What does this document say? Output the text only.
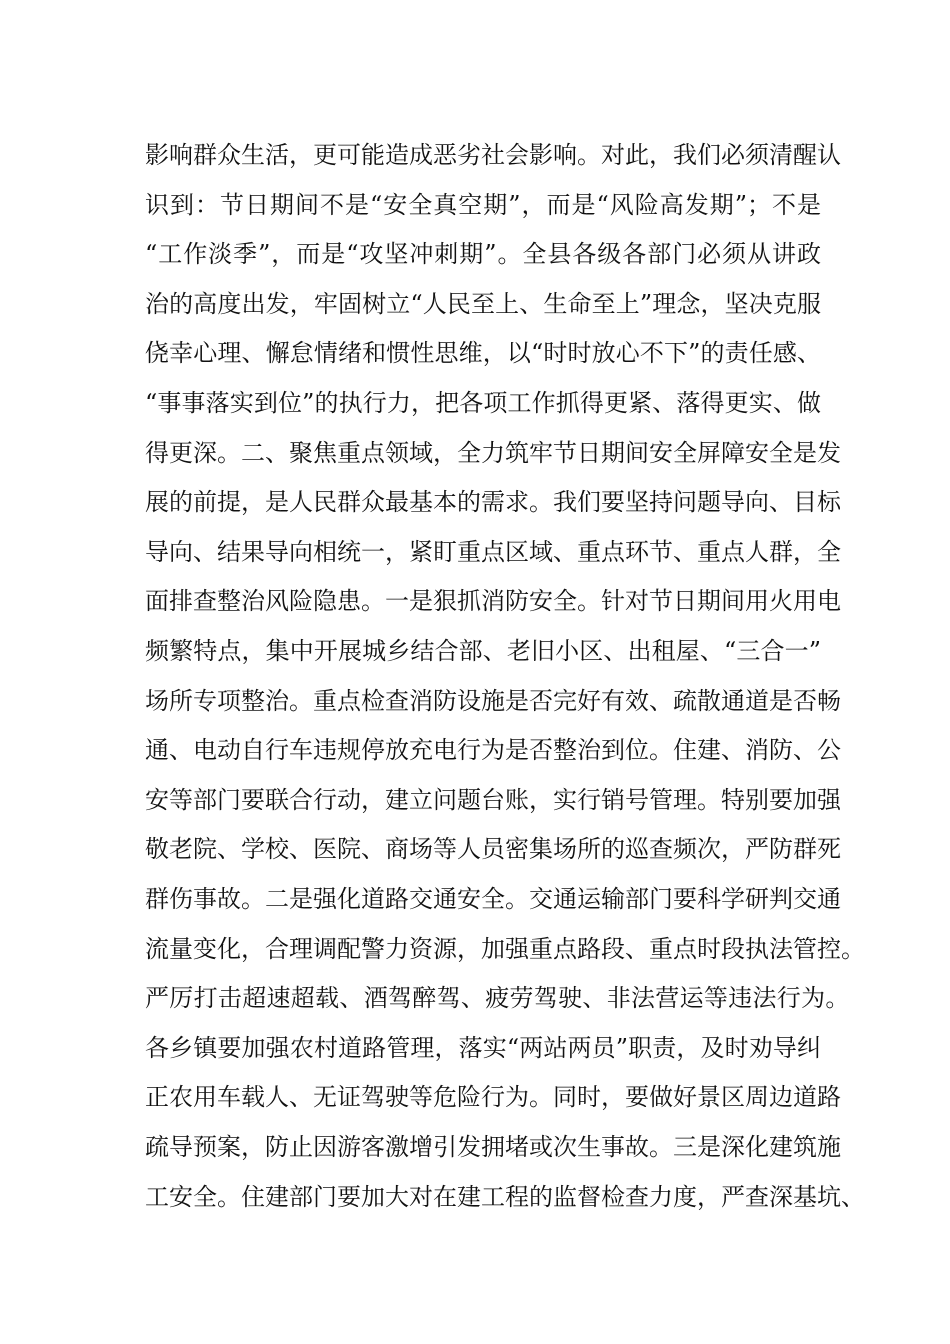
影响群众生活，更可能造成恶劣社会影响。对此，我们必须清醒认
识到：节日期间不是“安全真空期”，而是“风险高发期”；不是
“工作淡季”，而是“攻坚冲刺期”。全县各级各部门必须从讲政
治的高度出发，牢固树立“人民至上、生命至上”理念，坚决克服
侥幸心理、懈怠情绪和惯性思维，以“时时放心不下”的责任感、
“事事落实到位”的执行力，把各项工作抓得更紧、落得更实、做
得更深。二、聚焦重点领域，全力筑牢节日期间安全屏障安全是发
展的前提，是人民群众最基本的需求。我们要坚持问题导向、目标
导向、结果导向相统一，紧盯重点区域、重点环节、重点人群，全
面排查整治风险隐患。一是狠抓消防安全。针对节日期间用火用电
频繁特点，集中开展城乡结合部、老旧小区、出租屋、“三合一”
场所专项整治。重点检查消防设施是否完好有效、疏散通道是否畅
通、电动自行车违规停放充电行为是否整治到位。住建、消防、公
安等部门要联合行动，建立问题台账，实行销号管理。特别要加强
敬老院、学校、医院、商场等人员密集场所的巡查频次，严防群死
群伤事故。二是强化道路交通安全。交通运输部门要科学研判交通
流量变化，合理调配警力资源，加强重点路段、重点时段执法管控。
严厉打击超速超载、酒驾醉驾、疲劳驾驶、非法营运等违法行为。
各乡镇要加强农村道路管理，落实“两站两员”职责，及时劝导纠
正农用车载人、无证驾驶等危险行为。同时，要做好景区周边道路
疏导预案，防止因游客激增引发拥堵或次生事故。三是深化建筑施
工安全。住建部门要加大对在建工程的监督检查力度，严查深基坑、
